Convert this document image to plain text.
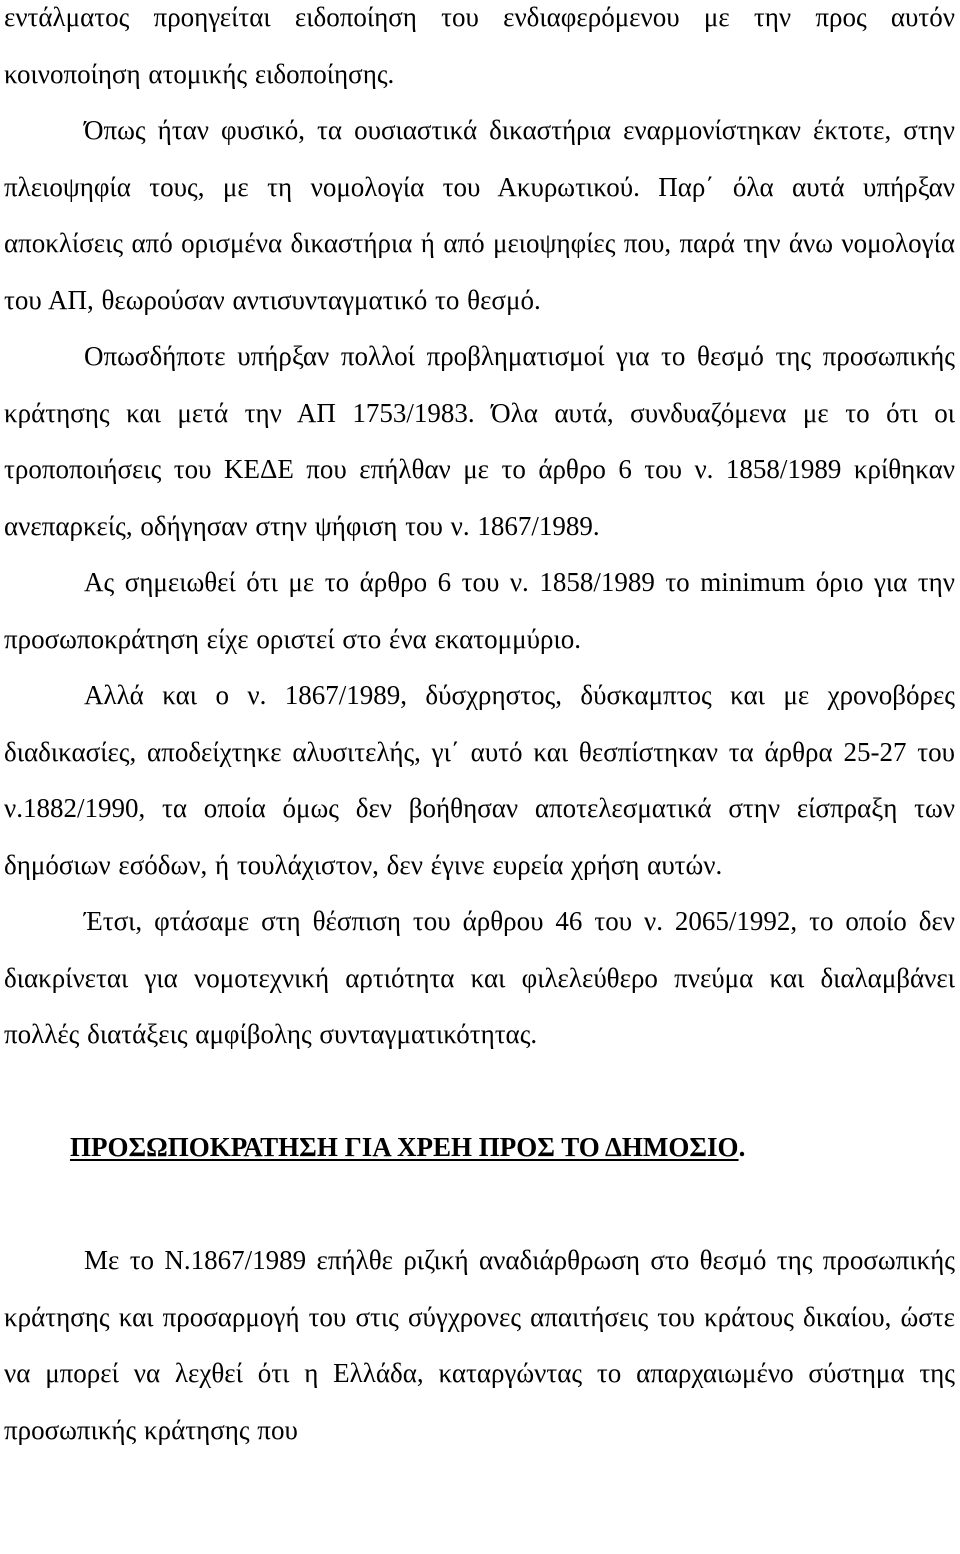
εντάλματος προηγείται ειδοποίηση του ενδιαφερόμενου με την προς αυτόν κοινοποίηση ατομικής ειδοποίησης.

Όπως ήταν φυσικό, τα ουσιαστικά δικαστήρια εναρμονίστηκαν έκτοτε, στην πλειοψηφία τους, με τη νομολογία του Ακυρωτικού. Παρ΄ όλα αυτά υπήρξαν αποκλίσεις από ορισμένα δικαστήρια ή από μειοψηφίες που, παρά την άνω νομολογία του ΑΠ, θεωρούσαν αντισυνταγματικό το θεσμό.

Οπωσδήποτε υπήρξαν πολλοί προβληματισμοί για το θεσμό της προσωπικής κράτησης και μετά την ΑΠ 1753/1983. Όλα αυτά, συνδυαζόμενα με το ότι οι τροποποιήσεις του ΚΕΔΕ που επήλθαν με το άρθρο 6 του ν. 1858/1989 κρίθηκαν ανεπαρκείς, οδήγησαν στην ψήφιση του ν. 1867/1989.

Ας σημειωθεί ότι με το άρθρο 6 του ν. 1858/1989 το minimum όριο για την προσωποκράτηση είχε οριστεί στο ένα εκατομμύριο.

Αλλά και ο ν. 1867/1989, δύσχρηστος, δύσκαμπτος και με χρονοβόρες διαδικασίες, αποδείχτηκε αλυσιτελής, γι΄ αυτό και θεσπίστηκαν τα άρθρα 25-27 του ν.1882/1990, τα οποία όμως δεν βοήθησαν αποτελεσματικά στην είσπραξη των δημόσιων εσόδων, ή τουλάχιστον, δεν έγινε ευρεία χρήση αυτών.

Έτσι, φτάσαμε στη θέσπιση του άρθρου 46 του ν. 2065/1992, το οποίο δεν διακρίνεται για νομοτεχνική αρτιότητα και φιλελεύθερο πνεύμα και διαλαμβάνει πολλές διατάξεις αμφίβολης συνταγματικότητας.

ΠΡΟΣΩΠΟΚΡΑΤΗΣΗ ΓΙΑ ΧΡΕΗ ΠΡΟΣ ΤΟ ΔΗΜΟΣΙΟ.

Με το Ν.1867/1989 επήλθε ριζική αναδιάρθρωση στο θεσμό της προσωπικής κράτησης και προσαρμογή του στις σύγχρονες απαιτήσεις του κράτους δικαίου, ώστε να μπορεί να λεχθεί ότι η Ελλάδα, καταργώντας το απαρχαιωμένο σύστημα της προσωπικής κράτησης που
